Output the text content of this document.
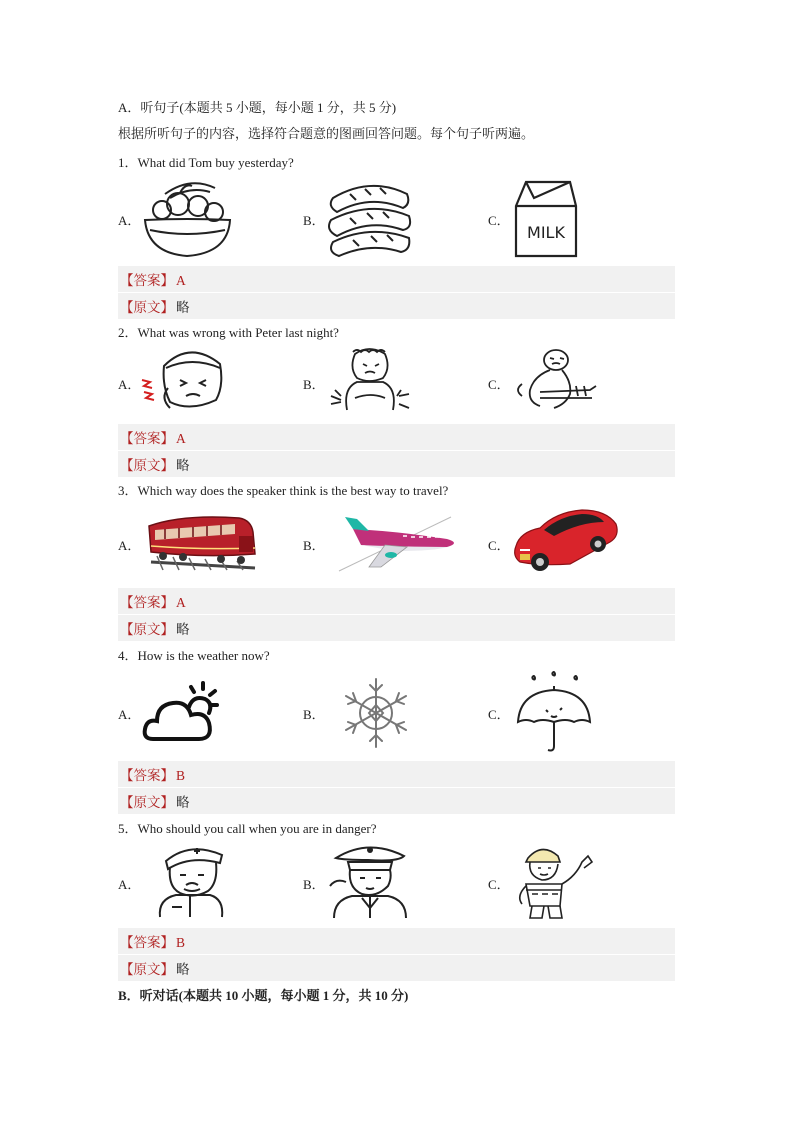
A．听句子(本题共 5 小题，每小题 1 分，共 5 分)
根据所听句子的内容，选择符合题意的图画回答问题。每个句子听两遍。
1．What did Tom buy yesterday?
A．	B．	C．
MILK
【答案】 A
【原文】 略
2．What was wrong with Peter last night?
A．	B．	C．
【答案】 A
【原文】 略
3．Which way does the speaker think is the best way to travel?
A．	B．	C．
【答案】 A
【原文】 略
4．How is the weather now?
A．	B．	C．
【答案】 B
【原文】 略
5．Who should you call when you are in danger?
A．	B．	C．
【答案】 B
【原文】 略
B．听对话(本题共 10 小题，每小题 1 分，共 10 分)
